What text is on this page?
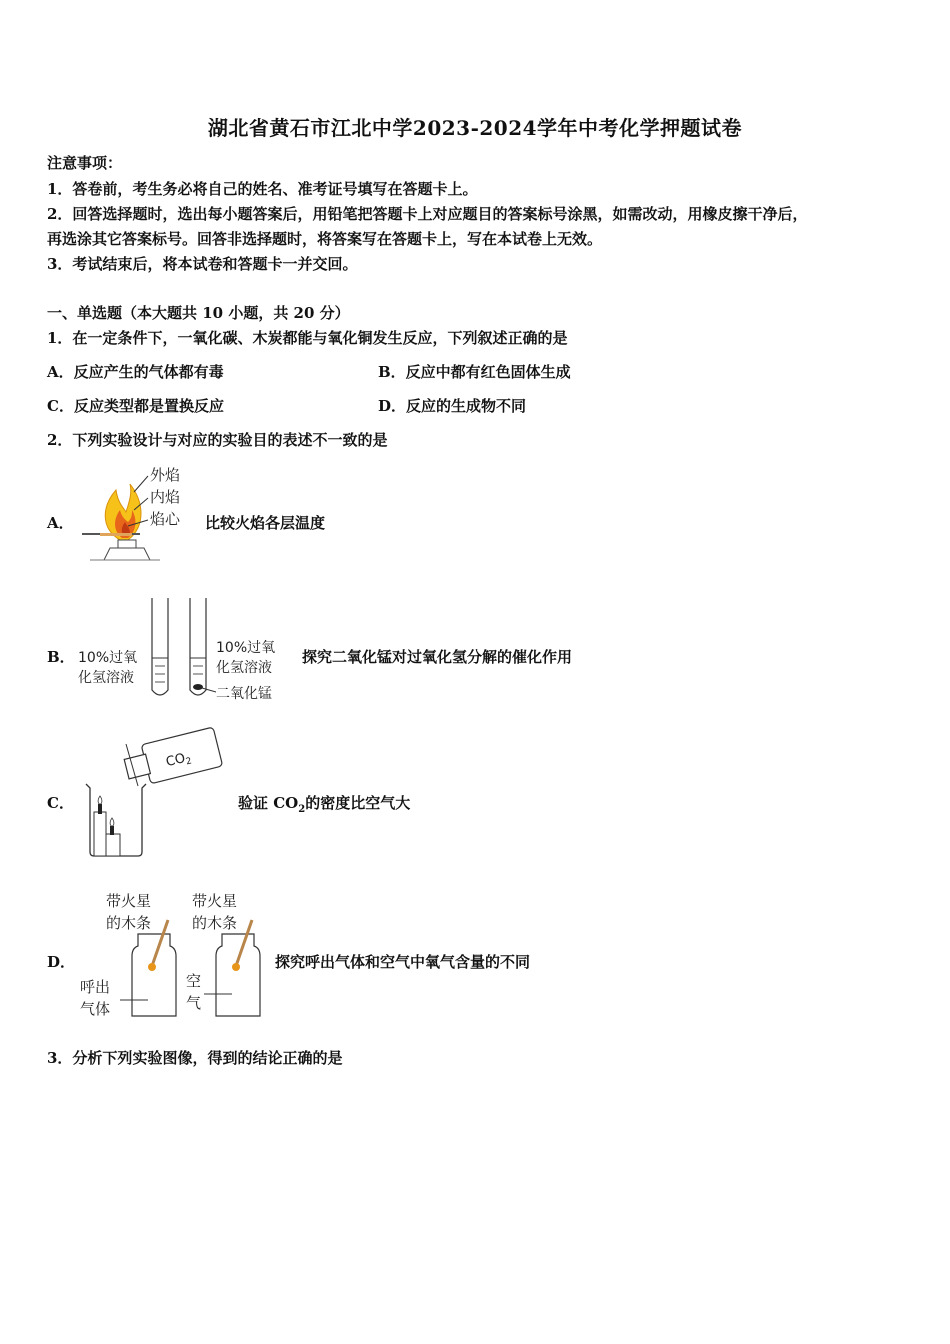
湖北省黄石市江北中学2023-2024学年中考化学押题试卷
注意事项：
1．答卷前，考生务必将自己的姓名、准考证号填写在答题卡上。
2．回答选择题时，选出每小题答案后，用铅笔把答题卡上对应题目的答案标号涂黑，如需改动，用橡皮擦干净后，
再选涂其它答案标号。回答非选择题时，将答案写在答题卡上，写在本试卷上无效。
3．考试结束后，将本试卷和答题卡一并交回。
一、单选题（本大题共 10 小题，共 20 分）
1．在一定条件下，一氧化碳、木炭都能与氧化铜发生反应，下列叙述正确的是
A．反应产生的气体都有毒	B．反应中都有红色固体生成
C．反应类型都是置换反应	D．反应的生成物不同
2．下列实验设计与对应的实验目的表述不一致的是
A．
外焰
内焰
焰心 比较火焰各层温度
B． 10%过氧
化氢溶液
10%过氧
化氢溶液
二氧化锰
探究二氧化锰对过氧化氢分解的催化作用
C．
$CO_2$
验证 $CO_2$的密度比空气大
D．
带火星
的木条
带火星
的木条
呼出
气体
空
气
探究呼出气体和空气中氧气含量的不同
3．分析下列实验图像，得到的结论正确的是
